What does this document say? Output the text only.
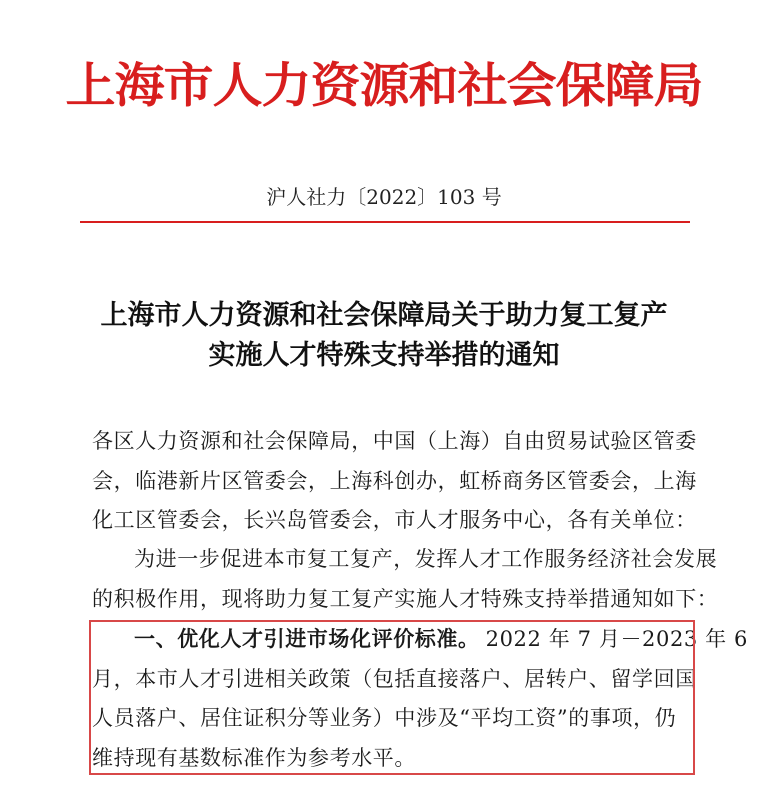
上海市人力资源和社会保障局
沪人社力〔2022〕103 号
上海市人力资源和社会保障局关于助力复工复产
实施人才特殊支持举措的通知
各区人力资源和社会保障局，中国（上海）自由贸易试验区管委
会，临港新片区管委会，上海科创办，虹桥商务区管委会，上海
化工区管委会，长兴岛管委会，市人才服务中心，各有关单位：
为进一步促进本市复工复产，发挥人才工作服务经济社会发展
的积极作用，现将助力复工复产实施人才特殊支持举措通知如下：
一、优化人才引进市场化评价标准。 2022 年 7 月－2023 年 6
月，本市人才引进相关政策（包括直接落户、居转户、留学回国
人员落户、居住证积分等业务）中涉及“平均工资”的事项，仍
维持现有基数标准作为参考水平。
